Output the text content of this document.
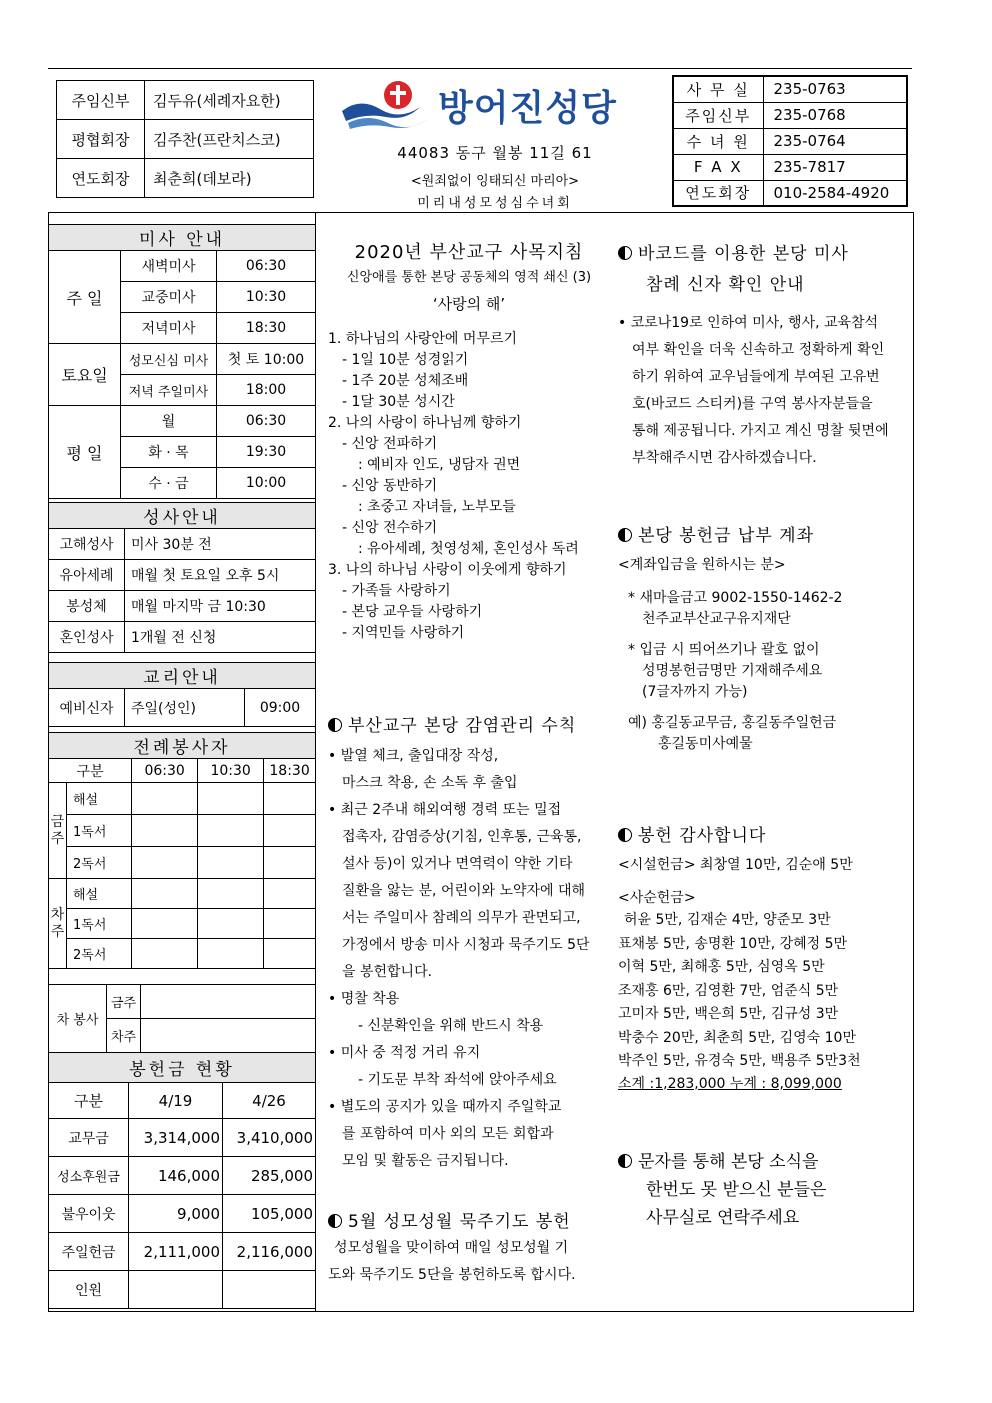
주임신부	김두유(세례자요한)
평협회장	김주찬(프란치스코)
연도회장	최춘희(데보라)
방어진성당
44083 동구 월봉 11길 61
<원죄없이 잉태되신 마리아>
미리내성모성심수녀회
사 무 실	235-0763
주임신부	235-0768
수 녀 원	235-0764
F A X	235-7817
연도회장	010-2584-4920
미사 안내		
주 일	새벽미사	06:30
	교중미사	10:30
	저녁미사	18:30
토요일	성모신심 미사	첫 토 10:00
	저녁 주일미사	18:00
평 일	월	06:30
	화 · 목	19:30
	수 · 금	10:00
성사안내	
고해성사	미사 30분 전
유아세례	매월 첫 토요일 오후 5시
봉성체	매월 마지막 금 10:30
혼인성사	1개월 전 신청
교리안내
예비신자	주일(성인)	09:00
전례봉사자				
구분		06:30	10:30	18:30
금 주	해설			
	1독서			
	2독서			
차 주	해설			
	1독서			
	2독서			
차 봉사	금주	
	차주	
봉헌금 현황		
구분	4/19	4/26
교무금	3,314,000	3,410,000
성소후원금	146,000	285,000
불우이웃	9,000	105,000
주일헌금	2,111,000	2,116,000
인원		
2020년 부산교구 사목지침
신앙애를 통한 본당 공동체의 영적 쇄신 (3)
‘사랑의 해’
1. 하나님의 사랑안에 머무르기
- 1일 10분 성경읽기
- 1주 20분 성체조배
- 1달 30분 성시간
2. 나의 사랑이 하나님께 향하기
- 신앙 전파하기
: 예비자 인도, 냉담자 권면
- 신앙 동반하기
: 초중고 자녀들, 노부모들
- 신앙 전수하기
: 유아세례, 첫영성체, 혼인성사 독려
3. 나의 하나님 사랑이 이웃에게 향하기
- 가족들 사랑하기
- 본당 교우들 사랑하기
- 지역민들 사랑하기
부산교구 본당 감염관리 수칙
• 발열 체크, 출입대장 작성,
마스크 착용, 손 소독 후 출입
• 최근 2주내 해외여행 경력 또는 밀접
접촉자, 감염증상(기침, 인후통, 근육통,
설사 등)이 있거나 면역력이 약한 기타
질환을 앓는 분, 어린이와 노약자에 대해
서는 주일미사 참례의 의무가 관면되고,
가정에서 방송 미사 시청과 묵주기도 5단
을 봉헌합니다.
• 명찰 착용
- 신분확인을 위해 반드시 착용
• 미사 중 적정 거리 유지
- 기도문 부착 좌석에 앉아주세요
• 별도의 공지가 있을 때까지 주일학교
를 포함하여 미사 외의 모든 회합과
모임 및 활동은 금지됩니다.
5월 성모성월 묵주기도 봉헌
성모성월을 맞이하여 매일 성모성월 기
도와 묵주기도 5단을 봉헌하도록 합시다.
바코드를 이용한 본당 미사
참례 신자 확인 안내
• 코로나19로 인하여 미사, 행사, 교육참석
여부 확인을 더욱 신속하고 정확하게 확인
하기 위하여 교우님들에게 부여된 고유번
호(바코드 스티커)를 구역 봉사자분들을
통해 제공됩니다. 가지고 계신 명찰 뒷면에
부착해주시면 감사하겠습니다.
본당 봉헌금 납부 계좌
<계좌입금을 원하시는 분>
* 새마을금고 9002-1550-1462-2
천주교부산교구유지재단
* 입금 시 띄어쓰기나 괄호 없이
성명봉헌금명만 기재해주세요
(7글자까지 가능)
예) 홍길동교무금, 홍길동주일헌금
홍길동미사예물
봉헌 감사합니다
<시설헌금> 최창열 10만, 김순애 5만
<사순헌금>
허윤 5만, 김재순 4만, 양준모 3만
표채봉 5만, 송명환 10만, 강혜정 5만
이혁 5만, 최해홍 5만, 심영옥 5만
조재홍 6만, 김영환 7만, 엄준식 5만
고미자 5만, 백은희 5만, 김규성 3만
박충수 20만, 최춘희 5만, 김영숙 10만
박주인 5만, 유경숙 5만, 백용주 5만3천
소계 :1,283,000 누계 : 8,099,000
문자를 통해 본당 소식을
한번도 못 받으신 분들은
사무실로 연락주세요
